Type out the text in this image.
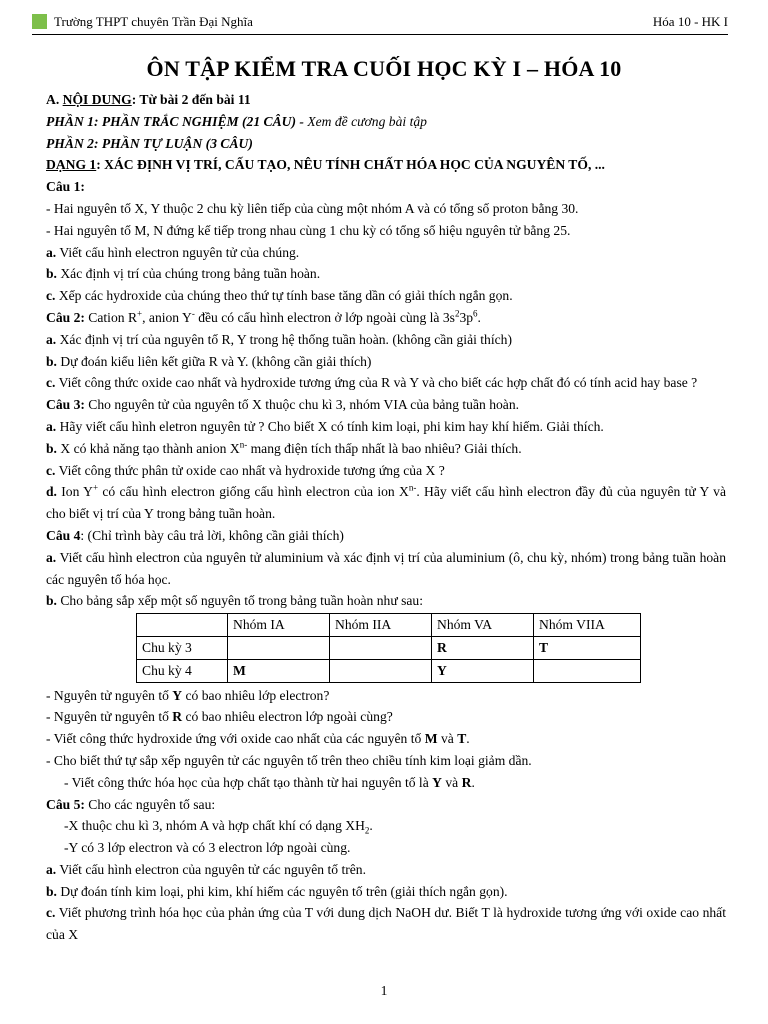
Trường THPT chuyên Trần Đại Nghĩa	Hóa 10 - HK I
ÔN TẬP KIỂM TRA CUỐI HỌC KỲ I – HÓA 10

A. NỘI DUNG: Từ bài 2 đến bài 11

PHẦN 1: PHẦN TRẮC NGHIỆM (21 CÂU) - Xem đề cương bài tập

PHẦN 2: PHẦN TỰ LUẬN (3 CÂU)

DẠNG 1: XÁC ĐỊNH VỊ TRÍ, CẤU TẠO, NÊU TÍNH CHẤT HÓA HỌC CỦA NGUYÊN TỐ, ...

Câu 1:

- Hai nguyên tố X, Y thuộc 2 chu kỳ liên tiếp của cùng một nhóm A và có tổng số proton bằng 30.

- Hai nguyên tố M, N đứng kế tiếp trong nhau cùng 1 chu kỳ có tổng số hiệu nguyên tử bằng 25.

a. Viết cấu hình electron nguyên tử của chúng.

b. Xác định vị trí của chúng trong bảng tuần hoàn.

c. Xếp các hydroxide của chúng theo thứ tự tính base tăng dần có giải thích ngắn gọn.

Câu 2: Cation R+, anion Y- đều có cấu hình electron ở lớp ngoài cùng là $3s^23p^6$.

a. Xác định vị trí của nguyên tố R, Y trong hệ thống tuần hoàn. (không cần giải thích)

b. Dự đoán kiểu liên kết giữa R và Y. (không cần giải thích)

c. Viết công thức oxide cao nhất và hydroxide tương ứng của R và Y và cho biết các hợp chất đó có tính acid hay base ?

Câu 3: Cho nguyên tử của nguyên tố X thuộc chu kì 3, nhóm VIA của bảng tuần hoàn.

a. Hãy viết cấu hình eletron nguyên tử ? Cho biết X có tính kim loại, phi kim hay khí hiếm. Giải thích.

b. X có khả năng tạo thành anion $X^{n-}$ mang điện tích thấp nhất là bao nhiêu? Giải thích.

c. Viết công thức phân tử oxide cao nhất và hydroxide tương ứng của X ?

d. Ion Y+ có cấu hình electron giống cấu hình electron của ion $X^{n-}$. Hãy viết cấu hình electron đầy đủ của nguyên tử Y và cho biết vị trí của Y trong bảng tuần hoàn.

Câu 4: (Chỉ trình bày câu trả lời, không cần giải thích)

a. Viết cấu hình electron của nguyên tử aluminium và xác định vị trí của aluminium (ô, chu kỳ, nhóm) trong bảng tuần hoàn các nguyên tố hóa học.

b. Cho bảng sắp xếp một số nguyên tố trong bảng tuần hoàn như sau:

	Nhóm IA	Nhóm IIA	Nhóm VA	Nhóm VIIA
Chu kỳ 3			R	T
Chu kỳ 4	M		Y	

- Nguyên tử nguyên tố Y có bao nhiêu lớp electron?

- Nguyên tử nguyên tố R có bao nhiêu electron lớp ngoài cùng?

- Viết công thức hydroxide ứng với oxide cao nhất của các nguyên tố M và T.

- Cho biết thứ tự sắp xếp nguyên tử các nguyên tố trên theo chiều tính kim loại giảm dần.

- Viết công thức hóa học của hợp chất tạo thành từ hai nguyên tố là Y và R.

Câu 5: Cho các nguyên tố sau:

-X thuộc chu kì 3, nhóm A và hợp chất khí có dạng $XH_2$.

-Y có 3 lớp electron và có 3 electron lớp ngoài cùng.

a. Viết cấu hình electron của nguyên tử các nguyên tố trên.

b. Dự đoán tính kim loại, phi kim, khí hiếm các nguyên tố trên (giải thích ngắn gọn).

c. Viết phương trình hóa học của phản ứng của T với dung dịch NaOH dư. Biết T là hydroxide tương ứng với oxide cao nhất của X

1
